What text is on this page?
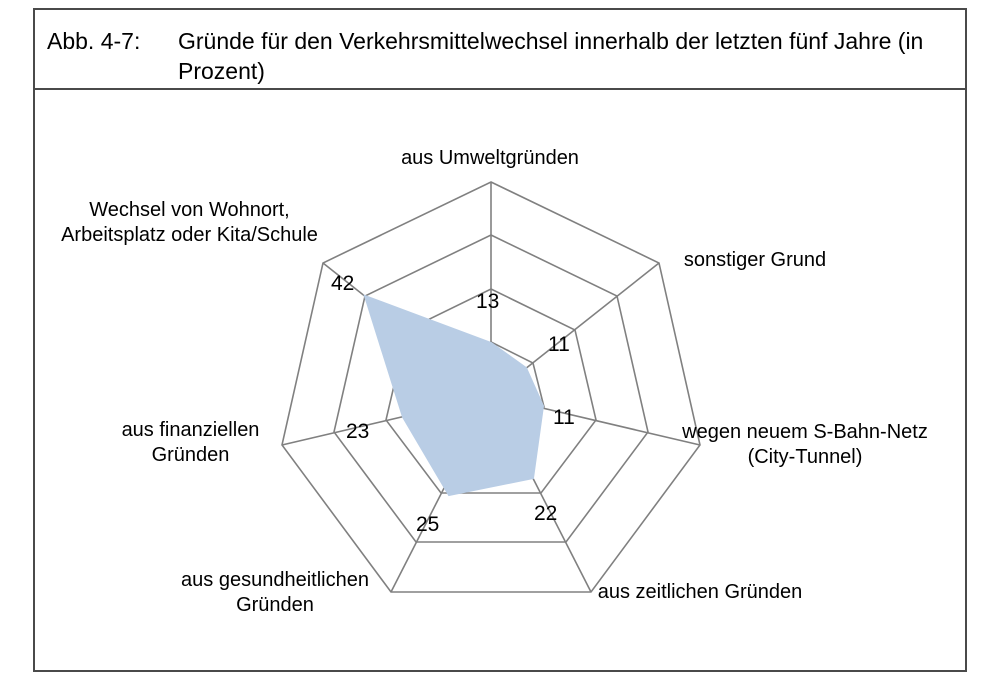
Abb. 4-7: Gründe für den Verkehrsmittelwechsel innerhalb der letzten fünf Jahre (in Prozent)
aus Umweltgründen
sonstiger Grund
wegen neuem S-Bahn-Netz (City-Tunnel)
aus zeitlichen Gründen
aus gesundheitlichen Gründen
aus finanziellen Gründen
Wechsel von Wohnort, Arbeitsplatz oder Kita/Schule
13
11
11
22
25
23
42
